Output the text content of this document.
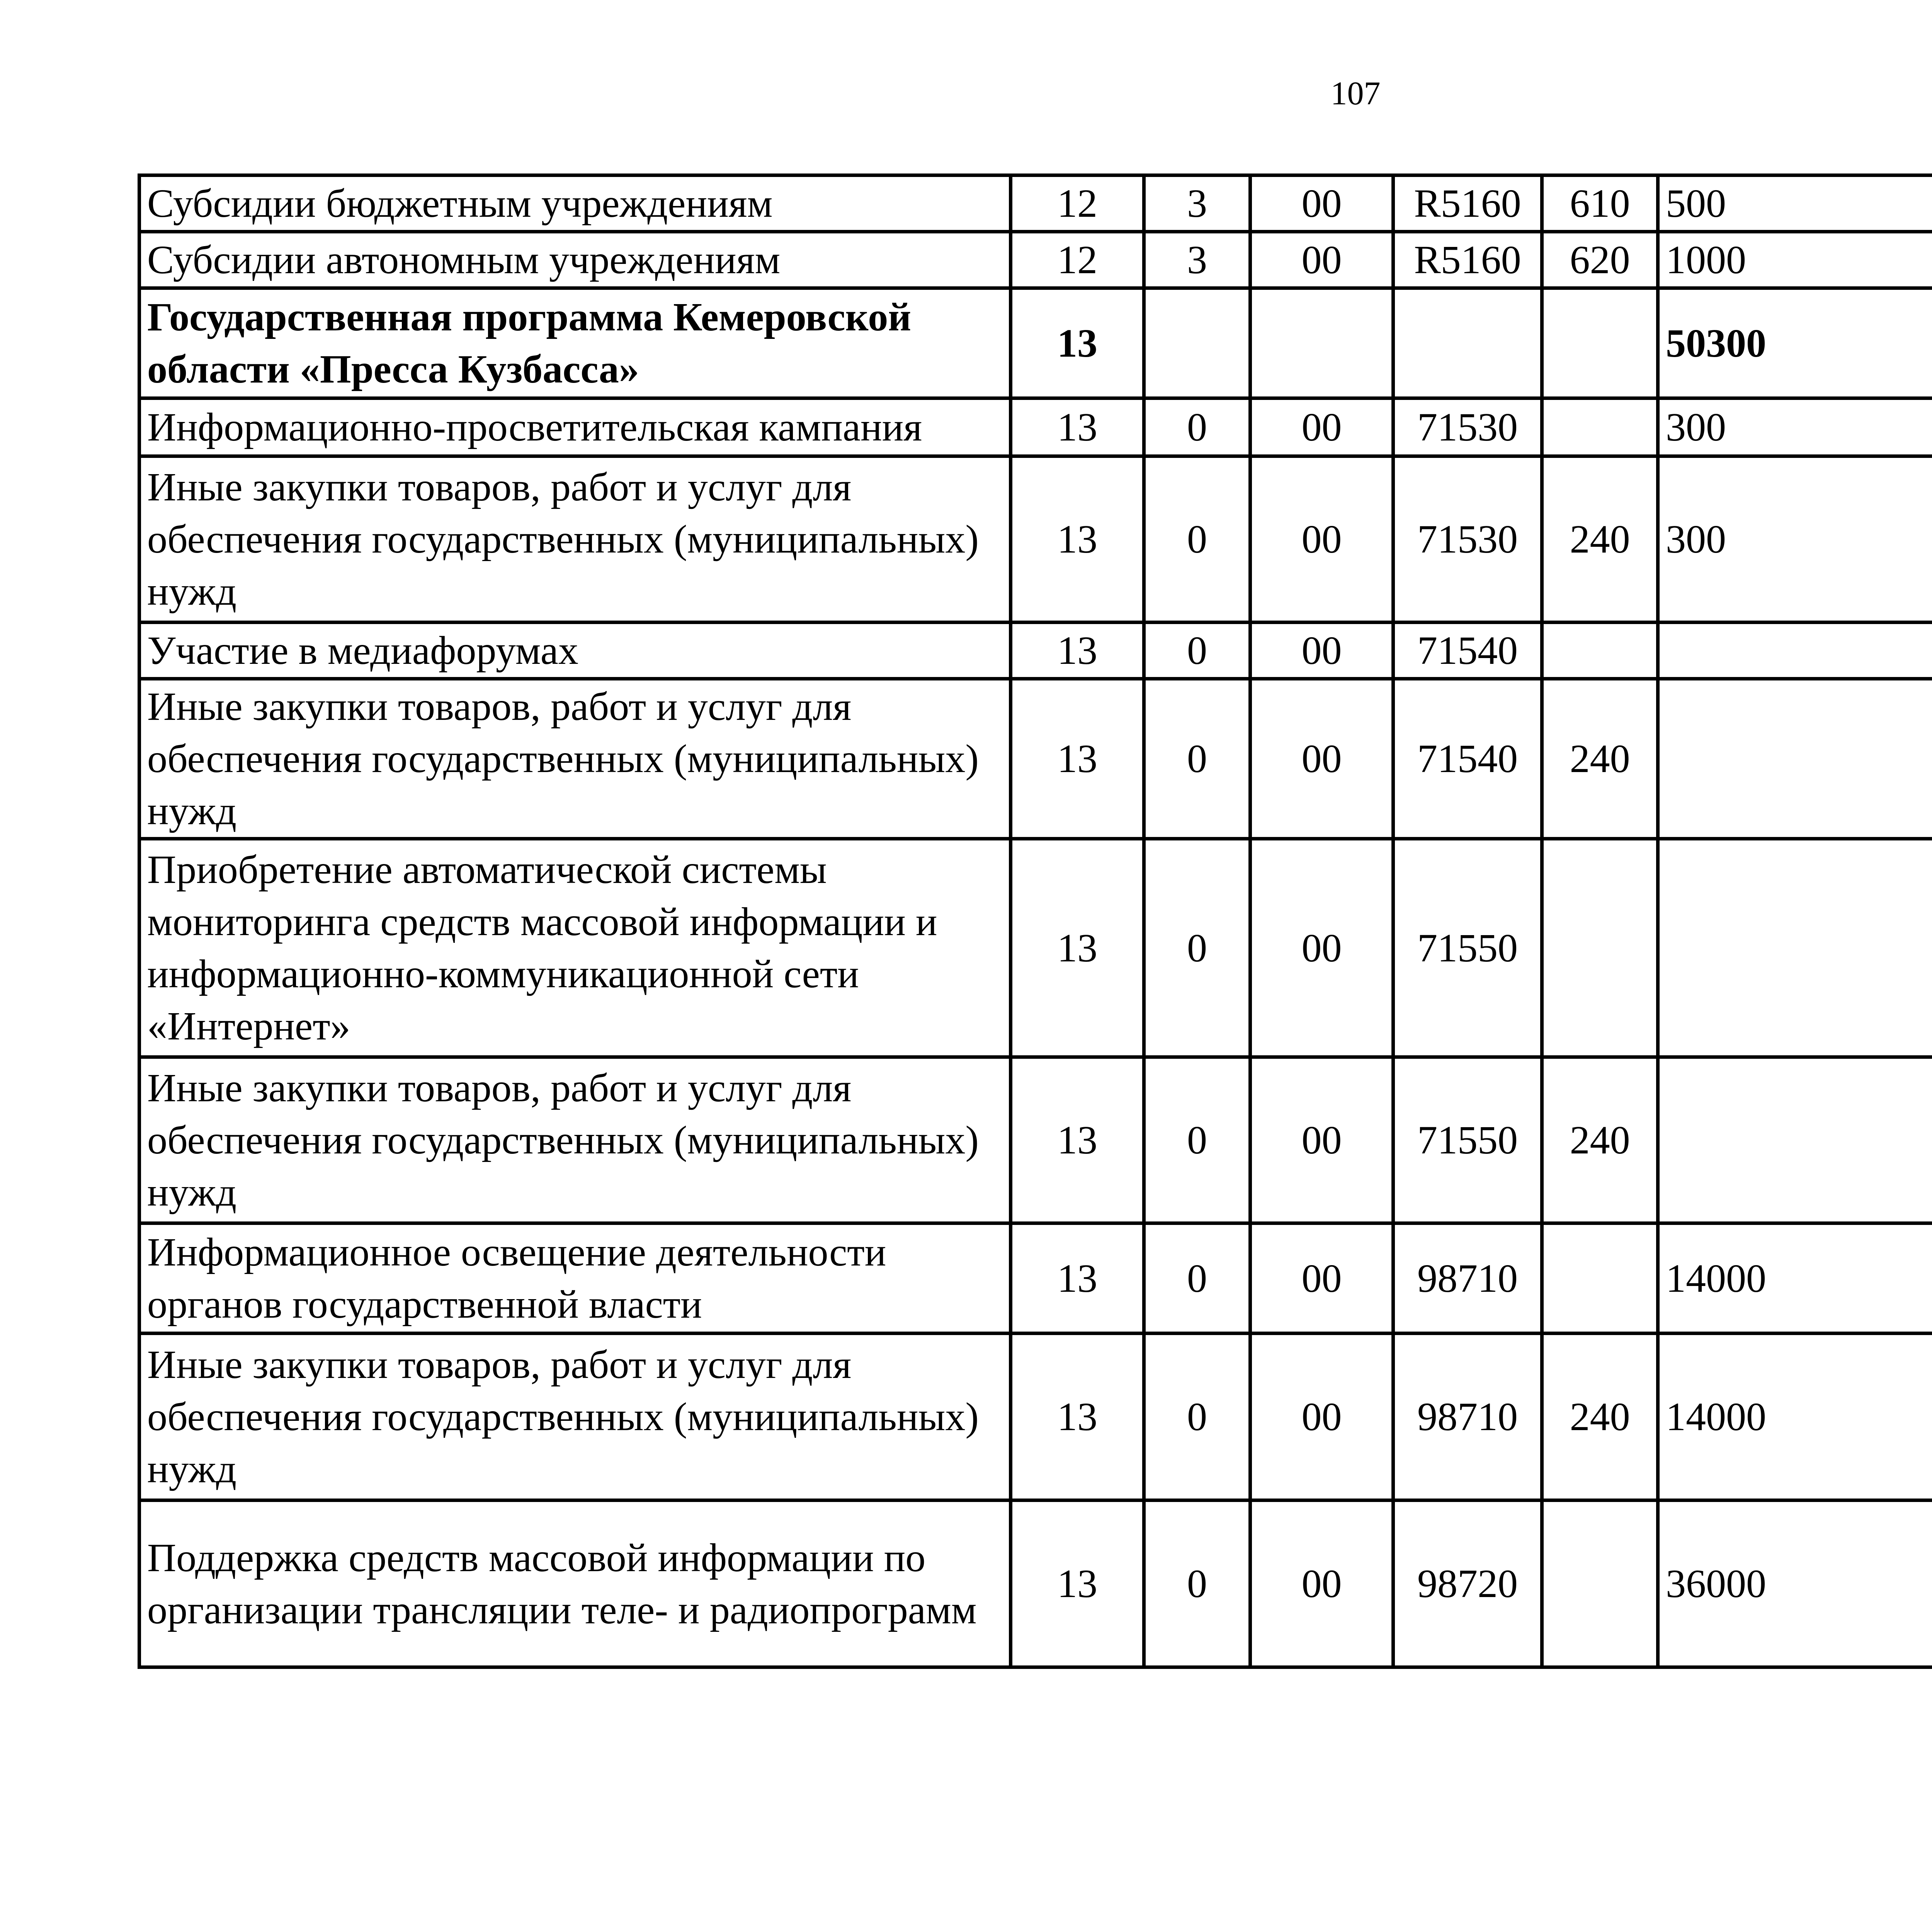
107
Субсидии бюджетным учреждениям	12	3	00	R5160	610	500		
Субсидии автономным учреждениям	12	3	00	R5160	620	1000		
Государственная программа Кемеровской области «Пресса Кузбасса»	13					50300		
Информационно-просветительская кампания	13	0	00	71530		300		
Иные закупки товаров, работ и услуг для обеспечения государственных (муниципальных) нужд	13	0	00	71530	240	300		
Участие в медиафорумах	13	0	00	71540				
Иные закупки товаров, работ и услуг для обеспечения государственных (муниципальных) нужд	13	0	00	71540	240			
Приобретение автоматической системы мониторинга средств массовой информации и информационно-коммуникационной сети «Интернет»	13	0	00	71550				
Иные закупки товаров, работ и услуг для обеспечения государственных (муниципальных) нужд	13	0	00	71550	240			
Информационное освещение деятельности органов государственной власти	13	0	00	98710		14000		
Иные закупки товаров, работ и услуг для обеспечения государственных (муниципальных) нужд	13	0	00	98710	240	14000		
Поддержка средств массовой информации по организации трансляции теле- и радиопрограмм	13	0	00	98720		36000		
